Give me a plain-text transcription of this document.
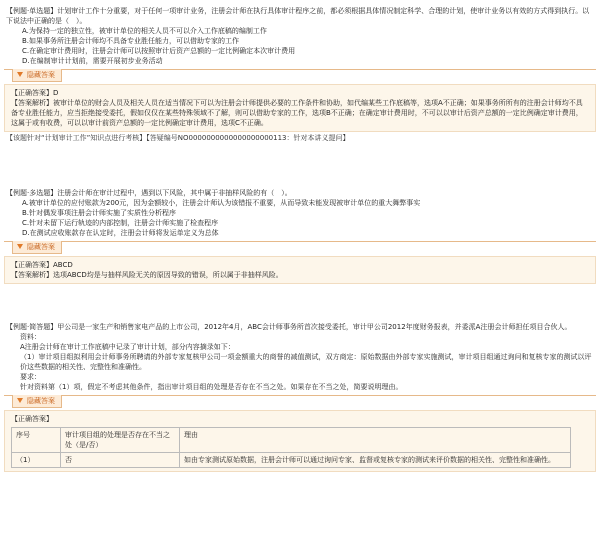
【例题·单选题】计划审计工作十分重要，对于任何一项审计业务，注册会计师在执行具体审计程序之前，都必须根据具体情况制定科学、合理的计划，使审计业务以有效的方式得到执行。以下说法中正确的是（　）。

A.为保持一定的独立性，被审计单位的相关人员不可以介入工作底稿的编制工作

B.如果事务所注册会计师均不具备专业胜任能力，可以借助专家的工作

C.在确定审计费用时，注册会计师可以按照审计后资产总额的一定比例确定本次审计费用

D.在编制审计计划前，需要开展初步业务活动

隐藏答案

【正确答案】D

【答案解析】被审计单位的财会人员及相关人员在适当情况下可以为注册会计师提供必要的工作条件和协助，如代编某些工作底稿等，选项A不正确；如果事务所所有的注册会计师均不具备专业胜任能力，应当拒绝接受委托，假如仅仅在某些特殊领域不了解，则可以借助专家的工作，选项B不正确；在确定审计费用时，不可以以审计后资产总额的一定比例确定审计费用，这属于或有收费，可以以审计前资产总额的一定比例确定审计费用，选项C不正确。

【该题针对“计划审计工作”知识点进行考核】【答疑编号NO0000000000000000000113：针对本讲义提问】

【例题·多选题】注册会计师在审计过程中，遇到以下风险，其中属于非抽样风险的有（　）。

A.被审计单位的应付账款为200元，因为金额较小，注册会计师认为该错报不重要，从而导致未能发现被审计单位的重大舞弊事实

B.针对偶发事项注册会计师实施了实质性分析程序

C.针对未留下运行轨迹的内部控制，注册会计师实施了检查程序

D.在测试应收账款存在认定时，注册会计师将发运单定义为总体

隐藏答案

【正确答案】ABCD

【答案解析】选项ABCD均是与抽样风险无关的原因导致的错误，所以属于非抽样风险。

【例题·简答题】甲公司是一家生产和销售家电产品的上市公司，2012年4月，ABC会计师事务所首次接受委托，审计甲公司2012年度财务报表，并委派A注册会计师担任项目合伙人。

资料：

A注册会计师在审计工作底稿中记录了审计计划，部分内容摘录如下：

（1）审计项目组拟利用会计师事务所聘请的外部专家复核甲公司一项金额重大的商誉的减值测试，双方商定：原始数据由外部专家实施测试，审计项目组通过询问和复核专家的测试以评价这些数据的相关性、完整性和准确性。

要求：

针对资料第（1）项，假定不考虑其他条件，指出审计项目组的处理是否存在不当之处。如果存在不当之处，简要说明理由。

隐藏答案

【正确答案】

序号	审计项目组的处理是否存在不当之处（是/否）	理由
（1）	否	如由专家测试原始数据，注册会计师可以通过询问专家、监督或复核专家的测试来评价数据的相关性、完整性和准确性。
